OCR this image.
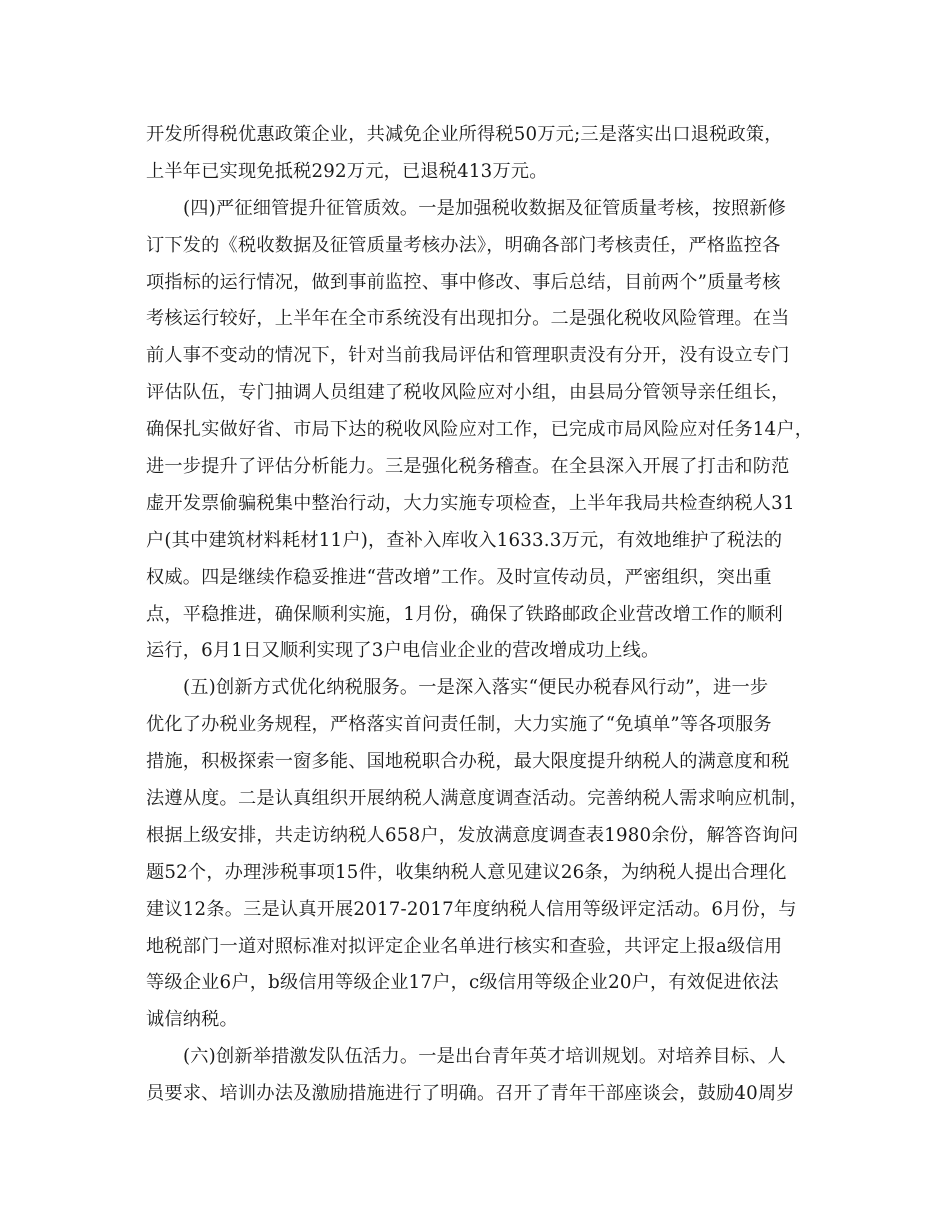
开发所得税优惠政策企业，共减免企业所得税50万元;三是落实出口退税政策，
上半年已实现免抵税292万元，已退税413万元。
(四)严征细管提升征管质效。一是加强税收数据及征管质量考核，按照新修
订下发的《税收数据及征管质量考核办法》，明确各部门考核责任，严格监控各
项指标的运行情况，做到事前监控、事中修改、事后总结，目前两个”质量考核
考核运行较好，上半年在全市系统没有出现扣分。二是强化税收风险管理。在当
前人事不变动的情况下，针对当前我局评估和管理职责没有分开，没有设立专门
评估队伍，专门抽调人员组建了税收风险应对小组，由县局分管领导亲任组长，
确保扎实做好省、市局下达的税收风险应对工作，已完成市局风险应对任务14户，
进一步提升了评估分析能力。三是强化税务稽查。在全县深入开展了打击和防范
虚开发票偷骗税集中整治行动，大力实施专项检查，上半年我局共检查纳税人31
户(其中建筑材料耗材11户)，查补入库收入1633.3万元，有效地维护了税法的
权威。四是继续作稳妥推进“营改增”工作。及时宣传动员，严密组织，突出重
点，平稳推进，确保顺利实施，1月份，确保了铁路邮政企业营改增工作的顺利
运行，6月1日又顺利实现了3户电信业企业的营改增成功上线。
(五)创新方式优化纳税服务。一是深入落实“便民办税春风行动”，进一步
优化了办税业务规程，严格落实首问责任制，大力实施了“免填单”等各项服务
措施，积极探索一窗多能、国地税职合办税，最大限度提升纳税人的满意度和税
法遵从度。二是认真组织开展纳税人满意度调查活动。完善纳税人需求响应机制，
根据上级安排，共走访纳税人658户，发放满意度调查表1980余份，解答咨询问
题52个，办理涉税事项15件，收集纳税人意见建议26条，为纳税人提出合理化
建议12条。三是认真开展2017-2017年度纳税人信用等级评定活动。6月份，与
地税部门一道对照标准对拟评定企业名单进行核实和查验，共评定上报a级信用
等级企业6户，b级信用等级企业17户，c级信用等级企业20户，有效促进依法
诚信纳税。
(六)创新举措激发队伍活力。一是出台青年英才培训规划。对培养目标、人
员要求、培训办法及激励措施进行了明确。召开了青年干部座谈会，鼓励40周岁
